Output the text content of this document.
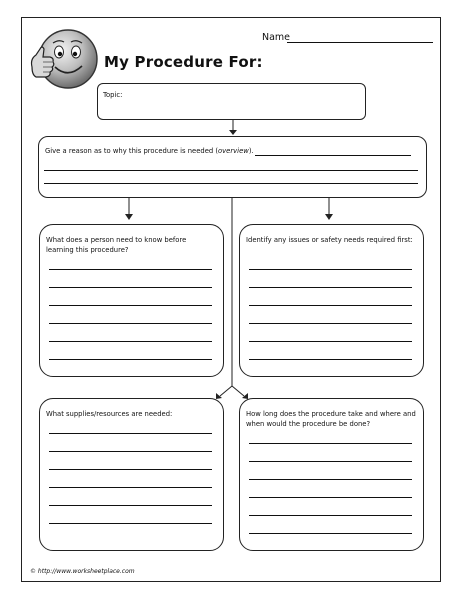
Name
My Procedure For:
Topic:
Give a reason as to why this procedure is needed (overview).
What does a person need to know before learning this procedure?
Identify any issues or safety needs required first:
What supplies/resources are needed:	How long does the procedure take and where and when would the procedure be done?
© http://www.worksheetplace.com
